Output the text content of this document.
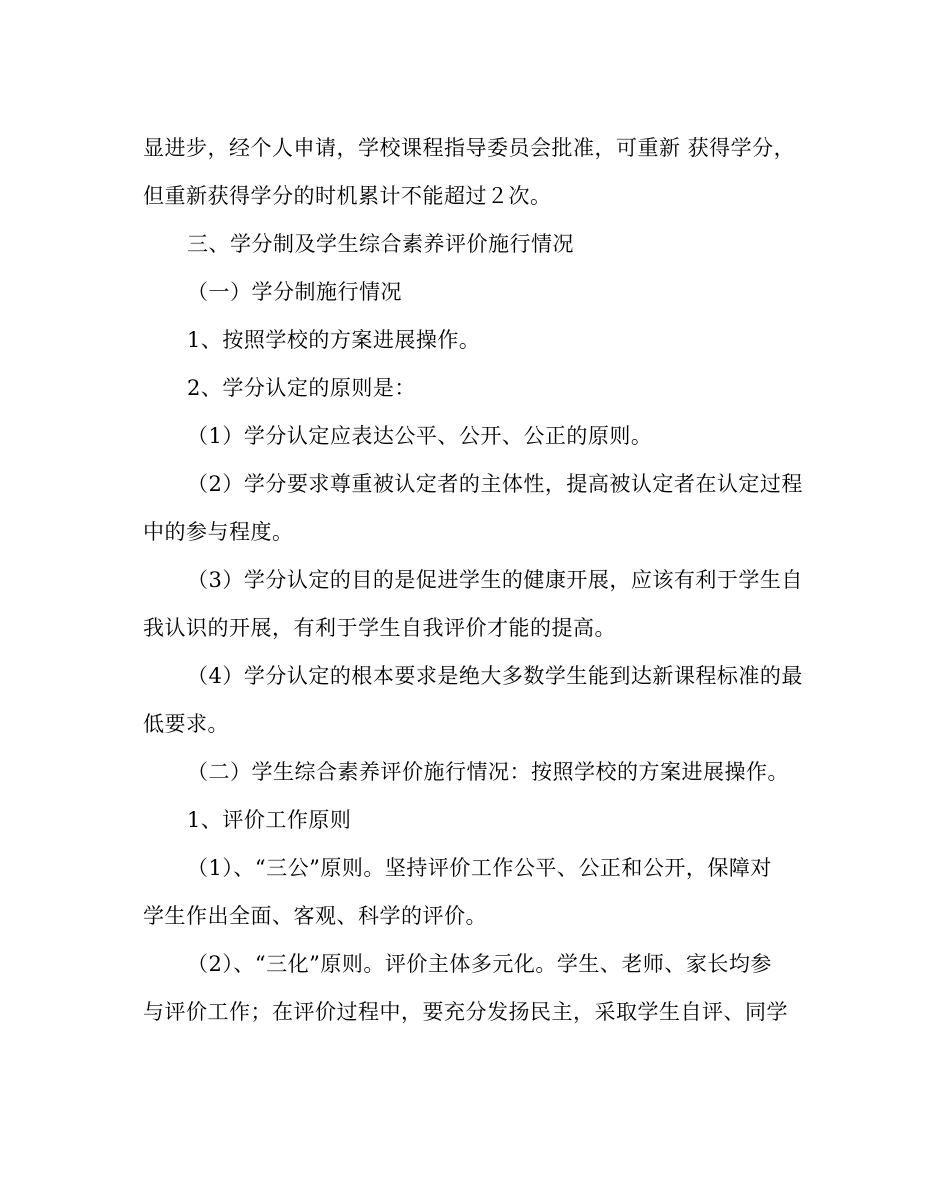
显进步，经个人申请，学校课程指导委员会批准，可重新 获得学分，
但重新获得学分的时机累计不能超过２次。
三、学分制及学生综合素养评价施行情况
（一）学分制施行情况
1、按照学校的方案进展操作。
2、学分认定的原则是：
（1）学分认定应表达公平、公开、公正的原则。
（2）学分要求尊重被认定者的主体性，提高被认定者在认定过程
中的参与程度。
（3）学分认定的目的是促进学生的健康开展，应该有利于学生自
我认识的开展，有利于学生自我评价才能的提高。
（4）学分认定的根本要求是绝大多数学生能到达新课程标准的最
低要求。
（二）学生综合素养评价施行情况：按照学校的方案进展操作。
1、评价工作原则
（1）、“三公”原则。坚持评价工作公平、公正和公开，保障对
学生作出全面、客观、科学的评价。
（2）、“三化”原则。评价主体多元化。学生、老师、家长均参
与评价工作；在评价过程中，要充分发扬民主，采取学生自评、同学
